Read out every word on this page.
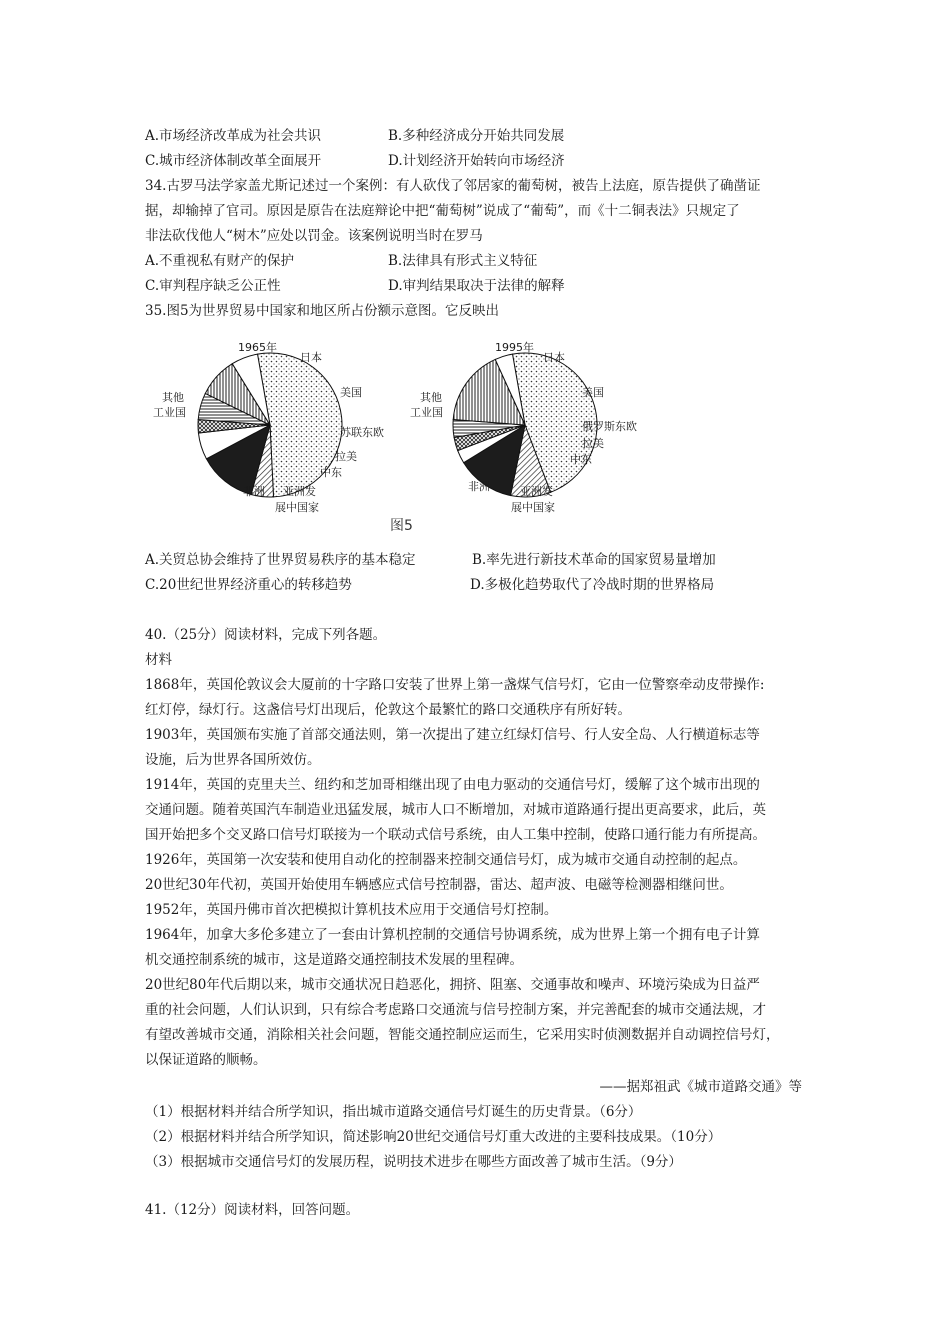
A.市场经济改革成为社会共识	B.多种经济成分开始共同发展
C.城市经济体制改革全面展开	D.计划经济开始转向市场经济
34.古罗马法学家盖尤斯记述过一个案例：有人砍伐了邻居家的葡萄树，被告上法庭，原告提供了确凿证
据，却输掉了官司。原因是原告在法庭辩论中把“葡萄树”说成了“葡萄”，而《十二铜表法》只规定了
非法砍伐他人“树木”应处以罚金。该案例说明当时在罗马
A.不重视私有财产的保护	B.法律具有形式主义特征
C.审判程序缺乏公正性	D.审判结果取决于法律的解释
35.图5为世界贸易中国家和地区所占份额示意图。它反映出
1965年
其他
工业国
日本
美国
苏联东欧
拉美
中东
亚洲发
展中国家
非洲
1995年
其他
工业国
日本
美国
俄罗斯东欧
拉美
中东
亚洲发
展中国家
非洲
图5
A.关贸总协会维持了世界贸易秩序的基本稳定	B.率先进行新技术革命的国家贸易量增加
C.20世纪世界经济重心的转移趋势	D.多极化趋势取代了冷战时期的世界格局
40.（25分）阅读材料，完成下列各题。
材料
1868年，英国伦敦议会大厦前的十字路口安装了世界上第一盏煤气信号灯，它由一位警察牵动皮带操作:
红灯停，绿灯行。这盏信号灯出现后，伦敦这个最繁忙的路口交通秩序有所好转。
1903年，英国颁布实施了首部交通法则，第一次提出了建立红绿灯信号、行人安全岛、人行横道标志等
设施，后为世界各国所效仿。
1914年，英国的克里夫兰、纽约和芝加哥相继出现了由电力驱动的交通信号灯，缓解了这个城市出现的
交通问题。随着英国汽车制造业迅猛发展，城市人口不断增加，对城市道路通行提出更高要求，此后，英
国开始把多个交叉路口信号灯联接为一个联动式信号系统，由人工集中控制，使路口通行能力有所提高。
1926年，英国第一次安装和使用自动化的控制器来控制交通信号灯，成为城市交通自动控制的起点。
20世纪30年代初，英国开始使用车辆感应式信号控制器，雷达、超声波、电磁等检测器相继问世。
1952年，英国丹佛市首次把模拟计算机技术应用于交通信号灯控制。
1964年，加拿大多伦多建立了一套由计算机控制的交通信号协调系统，成为世界上第一个拥有电子计算
机交通控制系统的城市，这是道路交通控制技术发展的里程碑。
20世纪80年代后期以来，城市交通状况日趋恶化，拥挤、阻塞、交通事故和噪声、环境污染成为日益严
重的社会问题，人们认识到，只有综合考虑路口交通流与信号控制方案，并完善配套的城市交通法规，才
有望改善城市交通，消除相关社会问题，智能交通控制应运而生，它采用实时侦测数据并自动调控信号灯，
以保证道路的顺畅。
——据郑祖武《城市道路交通》等
（1）根据材料并结合所学知识，指出城市道路交通信号灯诞生的历史背景。（6分）
（2）根据材料并结合所学知识，简述影响20世纪交通信号灯重大改进的主要科技成果。（10分）
（3）根据城市交通信号灯的发展历程，说明技术进步在哪些方面改善了城市生活。（9分）
41.（12分）阅读材料，回答问题。
